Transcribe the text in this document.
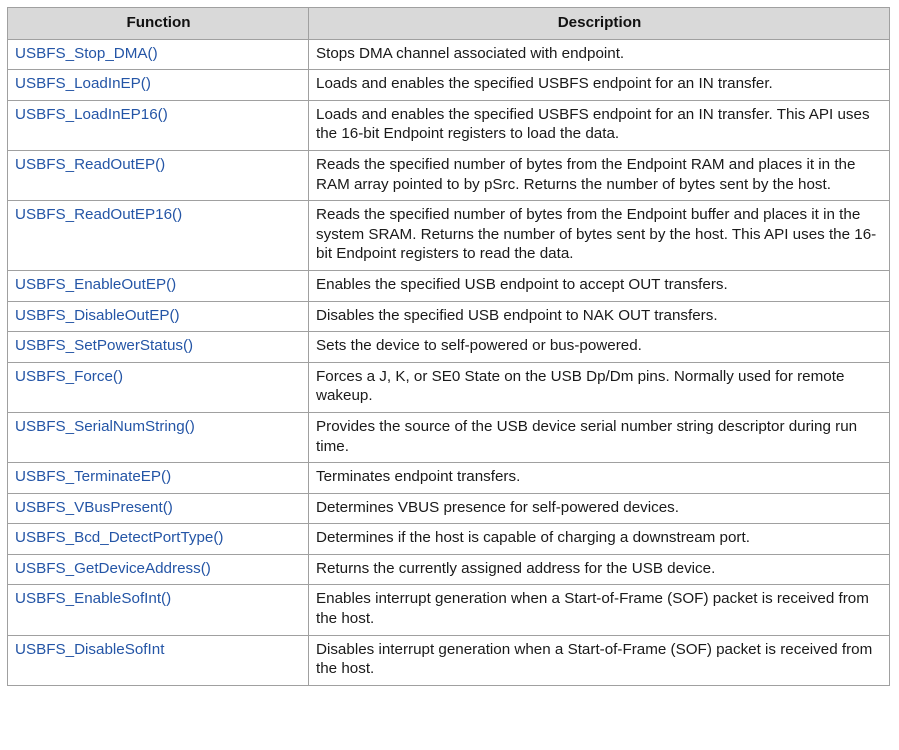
Function	Description
USBFS_Stop_DMA()	Stops DMA channel associated with endpoint.
USBFS_LoadInEP()	Loads and enables the specified USBFS endpoint for an IN transfer.
USBFS_LoadInEP16()	Loads and enables the specified USBFS endpoint for an IN transfer. This API uses the 16-bit Endpoint registers to load the data.
USBFS_ReadOutEP()	Reads the specified number of bytes from the Endpoint RAM and places it in the RAM array pointed to by pSrc. Returns the number of bytes sent by the host.
USBFS_ReadOutEP16()	Reads the specified number of bytes from the Endpoint buffer and places it in the system SRAM. Returns the number of bytes sent by the host. This API uses the 16-bit Endpoint registers to read the data.
USBFS_EnableOutEP()	Enables the specified USB endpoint to accept OUT transfers.
USBFS_DisableOutEP()	Disables the specified USB endpoint to NAK OUT transfers.
USBFS_SetPowerStatus()	Sets the device to self-powered or bus-powered.
USBFS_Force()	Forces a J, K, or SE0 State on the USB Dp/Dm pins. Normally used for remote wakeup.
USBFS_SerialNumString()	Provides the source of the USB device serial number string descriptor during run time.
USBFS_TerminateEP()	Terminates endpoint transfers.
USBFS_VBusPresent()	Determines VBUS presence for self-powered devices.
USBFS_Bcd_DetectPortType()	Determines if the host is capable of charging a downstream port.
USBFS_GetDeviceAddress()	Returns the currently assigned address for the USB device.
USBFS_EnableSofInt()	Enables interrupt generation when a Start-of-Frame (SOF) packet is received from the host.
USBFS_DisableSofInt	Disables interrupt generation when a Start-of-Frame (SOF) packet is received from the host.
